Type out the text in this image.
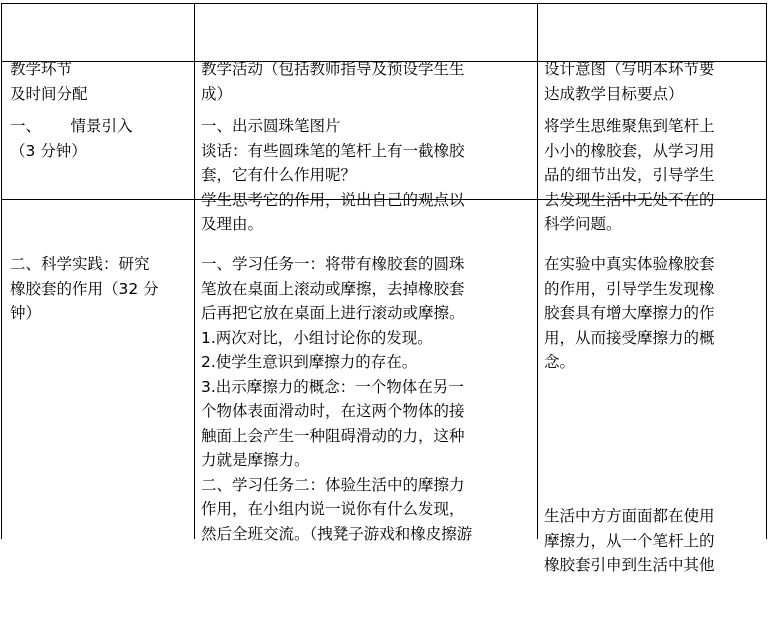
教学环节
及时间分配

教学活动（包括教师指导及预设学生生
成）

设计意图（写明本环节要
达成教学目标要点）

一、      情景引入
（3 分钟）

一、出示圆珠笔图片
谈话：有些圆珠笔的笔杆上有一截橡胶
套，它有什么作用呢？
学生思考它的作用，说出自己的观点以
及理由。

将学生思维聚焦到笔杆上
小小的橡胶套，从学习用
品的细节出发，引导学生
去发现生活中无处不在的
科学问题。

二、科学实践：研究
橡胶套的作用（32 分
钟）

一、学习任务一：将带有橡胶套的圆珠
笔放在桌面上滚动或摩擦，去掉橡胶套
后再把它放在桌面上进行滚动或摩擦。
1.两次对比，小组讨论你的发现。
2.使学生意识到摩擦力的存在。
3.出示摩擦力的概念：一个物体在另一
个物体表面滑动时，在这两个物体的接
触面上会产生一种阻碍滑动的力，这种
力就是摩擦力。
二、学习任务二：体验生活中的摩擦力
作用，在小组内说一说你有什么发现，
然后全班交流。（拽凳子游戏和橡皮擦游

在实验中真实体验橡胶套
的作用，引导学生发现橡
胶套具有增大摩擦力的作
用，从而接受摩擦力的概
念。

生活中方方面面都在使用
摩擦力，从一个笔杆上的
橡胶套引申到生活中其他
